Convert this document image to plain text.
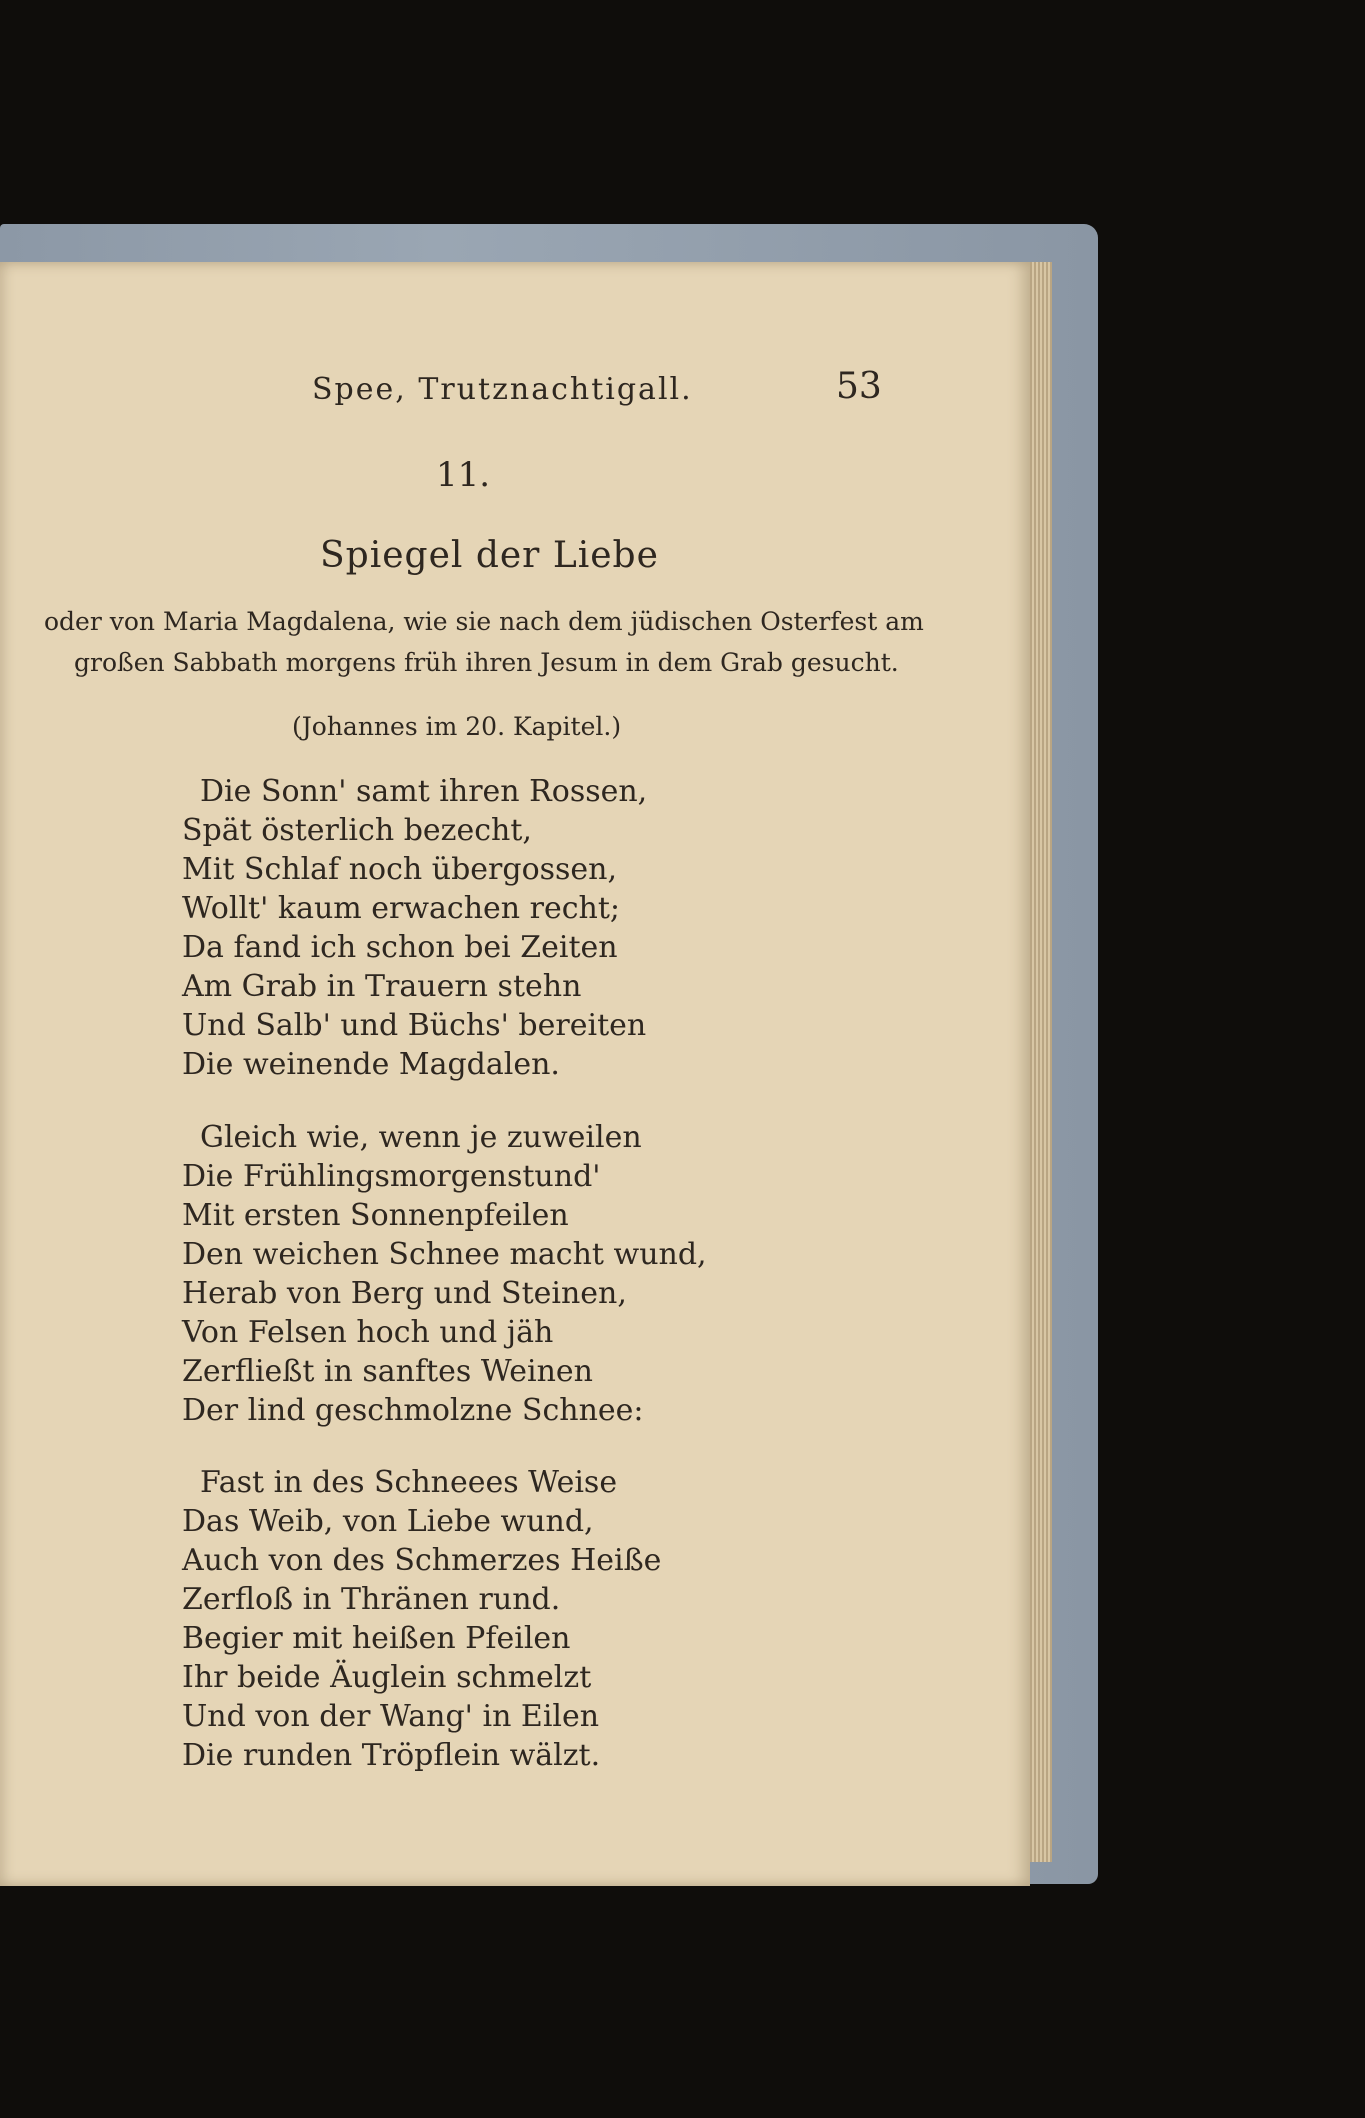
Spee, Trutznachtigall.	53
11.
Spiegel der Liebe
oder von Maria Magdalena, wie sie nach dem jüdischen Osterfest am
großen Sabbath morgens früh ihren Jesum in dem Grab gesucht.
(Johannes im 20. Kapitel.)
Die Sonn' samt ihren Rossen,
Spät österlich bezecht,
Mit Schlaf noch übergossen,
Wollt' kaum erwachen recht;
Da fand ich schon bei Zeiten
Am Grab in Trauern stehn
Und Salb' und Büchs' bereiten
Die weinende Magdalen.
Gleich wie, wenn je zuweilen
Die Frühlingsmorgenstund'
Mit ersten Sonnenpfeilen
Den weichen Schnee macht wund,
Herab von Berg und Steinen,
Von Felsen hoch und jäh
Zerfließt in sanftes Weinen
Der lind geschmolzne Schnee:
Fast in des Schneees Weise
Das Weib, von Liebe wund,
Auch von des Schmerzes Heiße
Zerfloß in Thränen rund.
Begier mit heißen Pfeilen
Ihr beide Äuglein schmelzt
Und von der Wang' in Eilen
Die runden Tröpflein wälzt.
